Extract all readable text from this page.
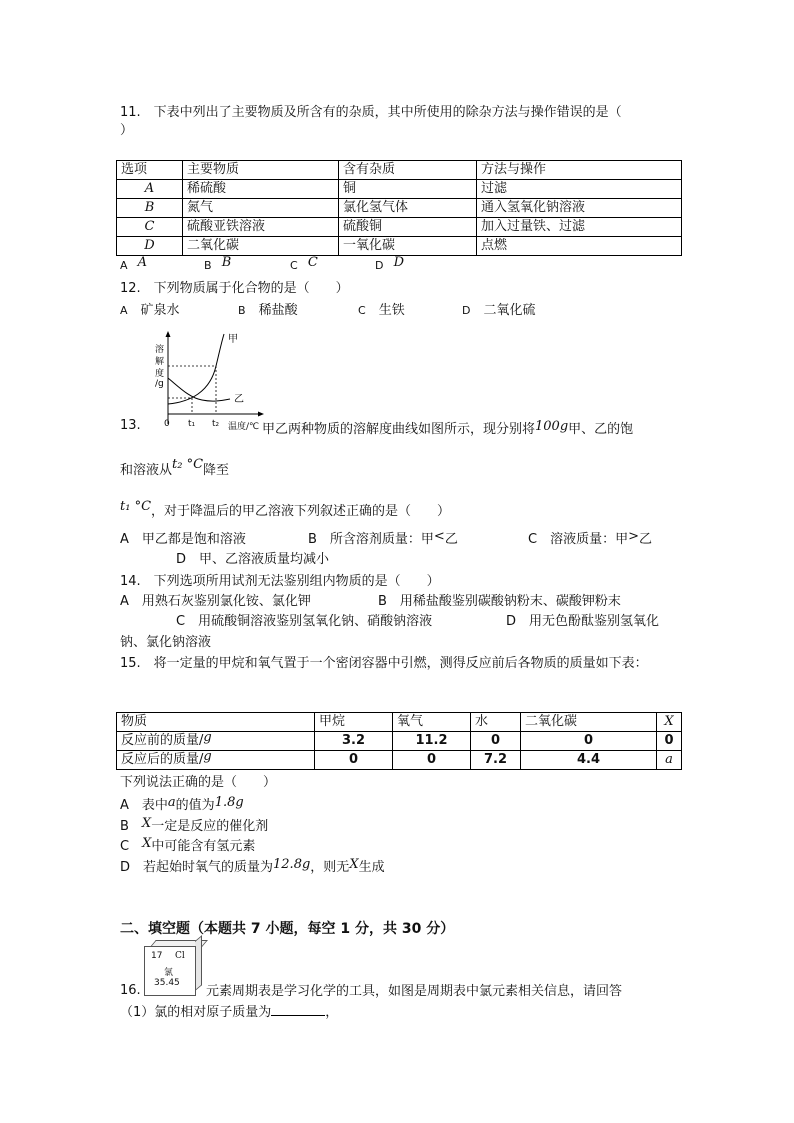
11.　下表中列出了主要物质及所含有的杂质，其中所使用的除杂方法与操作错误的是（
）
选项	主要物质	含有杂质	方法与操作
A	稀硫酸	铜	过滤
B	氮气	氯化氢气体	通入氢氧化钠溶液
C	硫酸亚铁溶液	硫酸铜	加入过量铁、过滤
D	二氧化碳	一氧化碳	点燃
A A	B B	C C	D D
12.　下列物质属于化合物的是（　　）
A　 矿泉水	B　 稀盐酸	C　 生铁	D　 二氧化硫
溶
解
度
/g
甲
乙
0 t₁ t₂ 温度/℃
13.	甲乙两种物质的溶解度曲线如图所示，现分别将100g甲、乙的饱
和溶液从t₂ °C降至
t₁ °C，对于降温后的甲乙溶液下列叙述正确的是（　　）
A　甲乙都是饱和溶液	B　所含溶剂质量：甲<乙	C　溶液质量：甲>乙
D　甲、乙溶液质量均减小
14.　下列选项所用试剂无法鉴别组内物质的是（　　）
A　用熟石灰鉴别氯化铵、氯化钾	B　用稀盐酸鉴别碳酸钠粉末、碳酸钾粉末
C　用硫酸铜溶液鉴别氢氧化钠、硝酸钠溶液	D　用无色酚酞鉴别氢氧化
钠、氯化钠溶液
15.　将一定量的甲烷和氧气置于一个密闭容器中引燃，测得反应前后各物质的质量如下表：
物质	甲烷	氧气	水	二氧化碳	X
反应前的质量/g	3.2	11.2	0	0	0
反应后的质量/g	0	0	7.2	4.4	a
下列说法正确的是（　　）
A　表中a的值为1.8g
B　X一定是反应的催化剂
C　X中可能含有氢元素
D　若起始时氧气的质量为12.8g，则无X生成
二、填空题（本题共 7 小题，每空 1 分，共 30 分）
17 Cl
氯
35.45
16.	元素周期表是学习化学的工具，如图是周期表中氯元素相关信息，请回答
（1）氯的相对原子质量为	，
